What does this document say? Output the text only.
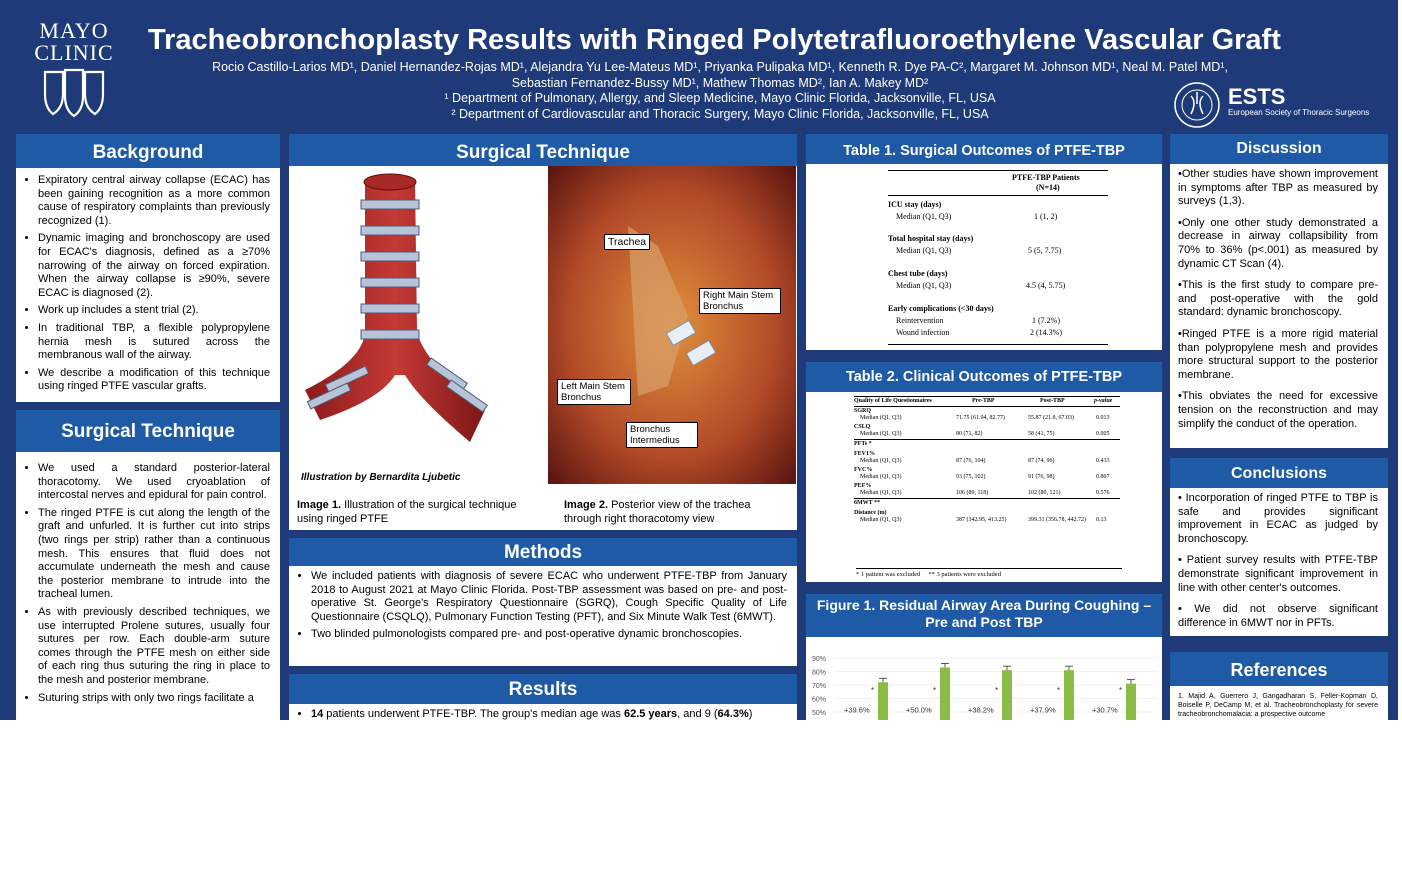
MAYO
CLINIC	Tracheobronchoplasty Results with Ringed Polytetrafluoroethylene Vascular Graft
Rocio Castillo-Larios MD¹, Daniel Hernandez-Rojas MD¹, Alejandra Yu Lee-Mateus MD¹, Priyanka Pulipaka MD¹, Kenneth R. Dye PA-C², Margaret M. Johnson MD¹, Neal M. Patel MD¹,
Sebastian Fernandez-Bussy MD¹, Mathew Thomas MD², Ian A. Makey MD²
¹ Department of Pulmonary, Allergy, and Sleep Medicine, Mayo Clinic Florida, Jacksonville, FL, USA
² Department of Cardiovascular and Thoracic Surgery, Mayo Clinic Florida, Jacksonville, FL, USA
ESTS
European Society of Thoracic Surgeons
Background
• Expiratory central airway collapse (ECAC) has been gaining recognition as a more common cause of respiratory complaints than previously recognized (1).
• Dynamic imaging and bronchoscopy are used for ECAC's diagnosis, defined as a ≥70% narrowing of the airway on forced expiration. When the airway collapse is ≥90%, severe ECAC is diagnosed (2).
• Work up includes a stent trial (2).
• In traditional TBP, a flexible polypropylene hernia mesh is sutured across the membranous wall of the airway.
• We describe a modification of this technique using ringed PTFE vascular grafts.
Surgical Technique
• We used a standard posterior-lateral thoracotomy. We used cryoablation of intercostal nerves and epidural for pain control.
• The ringed PTFE is cut along the length of the graft and unfurled. It is further cut into strips (two rings per strip) rather than a continuous mesh. This ensures that fluid does not accumulate underneath the mesh and cause the posterior membrane to intrude into the tracheal lumen.
• As with previously described techniques, we use interrupted Prolene sutures, usually four sutures per row. Each double-arm suture comes through the PTFE mesh on either side of each ring thus suturing the ring in place to the mesh and posterior membrane.
• Suturing strips with only two rings facilitate a
Surgical Technique
Illustration by Bernardita Ljubetic
Trachea
Right Main Stem Bronchus
Left Main Stem Bronchus
Bronchus Intermedius
Image 1. Illustration of the surgical technique using ringed PTFE
Image 2. Posterior view of the trachea through right thoracotomy view
Methods
• We included patients with diagnosis of severe ECAC who underwent PTFE-TBP from January 2018 to August 2021 at Mayo Clinic Florida. Post-TBP assessment was based on pre- and post-operative St. George's Respiratory Questionnaire (SGRQ), Cough Specific Quality of Life Questionnaire (CSQLQ), Pulmonary Function Testing (PFT), and Six Minute Walk Test (6MWT).
• Two blinded pulmonologists compared pre- and post-operative dynamic bronchoscopies.
Results
• 14 patients underwent PTFE-TBP. The group's median age was 62.5 years, and 9 (64.3%)
Table 1. Surgical Outcomes of PTFE-TBP
PTFE-TBP Patients
(N=14)
ICU stay (days)
Median (Q1, Q3)	1 (1, 2)
Total hospital stay (days)
Median (Q1, Q3)	5 (5, 7.75)
Chest tube (days)
Median (Q1, Q3)	4.5 (4, 5.75)
Early complications (<30 days)
Reintervention	1 (7.2%)
Wound infection	2 (14.3%)
Table 2. Clinical Outcomes of PTFE-TBP
Quality of Life Questionnaires	Pre-TBP	Post-TBP	p-value
SGRQ
Median (Q1, Q3)	71.75 (61.94, 82.77)	55.87 (21.8, 67.03)	0.013
CSLQ
Median (Q1, Q3)	80 (71, 82)	58 (41, 75)	0.005
PFTs *
FEV1%
Median (Q1, Q3)	87 (76, 104)	87 (74, 96)	0.433
FVC%
Median (Q1, Q3)	93 (75, 102)	91 (76, 98)	0.807
PEF%
Median (Q1, Q3)	106 (89, 118)	102 (80, 121)	0.576
6MWT **
Distance (m)
Median (Q1, Q3)	387 (342.95, 413.25)	399.31 (356.78, 442.72) 0.13
* 1 patient was excluded     ** 3 patients were excluded
Figure 1. Residual Airway Area During Coughing – Pre and Post TBP
90%
80%
70%
60%
50%
*
+39.6%
*
+50.0%
*
+38.2%
*
+37.9%
*
+30.7%
Discussion
•Other studies have shown improvement in symptoms after TBP as measured by surveys (1,3).
•Only one other study demonstrated a decrease in airway collapsibility from 70% to 36% (p<.001) as measured by dynamic CT Scan (4).
•This is the first study to compare pre- and post-operative with the gold standard: dynamic bronchoscopy.
•Ringed PTFE is a more rigid material than polypropylene mesh and provides more structural support to the posterior membrane.
•This obviates the need for excessive tension on the reconstruction and may simplify the conduct of the operation.
Conclusions
• Incorporation of ringed PTFE to TBP is safe and provides significant improvement in ECAC as judged by bronchoscopy.
• Patient survey results with PTFE-TBP demonstrate significant improvement in line with other center's outcomes.
• We did not observe significant difference in 6MWT nor in PFTs.
References
1. Majid A, Guerrero J, Gangadharan S, Feller-Kopman D, Boiselle P, DeCamp M, et al. Tracheobronchoplasty for severe tracheobronchomalacia: a prospective outcome
